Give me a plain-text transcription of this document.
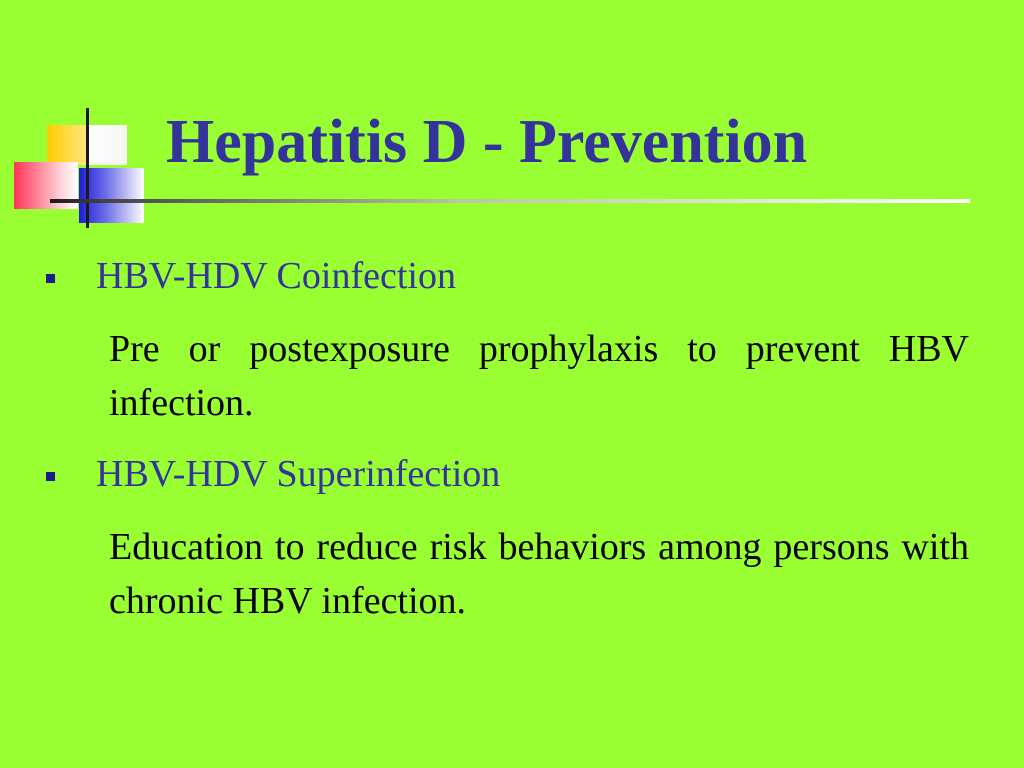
Hepatitis D - Prevention
HBV-HDV Coinfection

Pre or postexposure prophylaxis to prevent HBV infection.

HBV-HDV Superinfection

Education to reduce risk behaviors among persons with chronic HBV infection.
